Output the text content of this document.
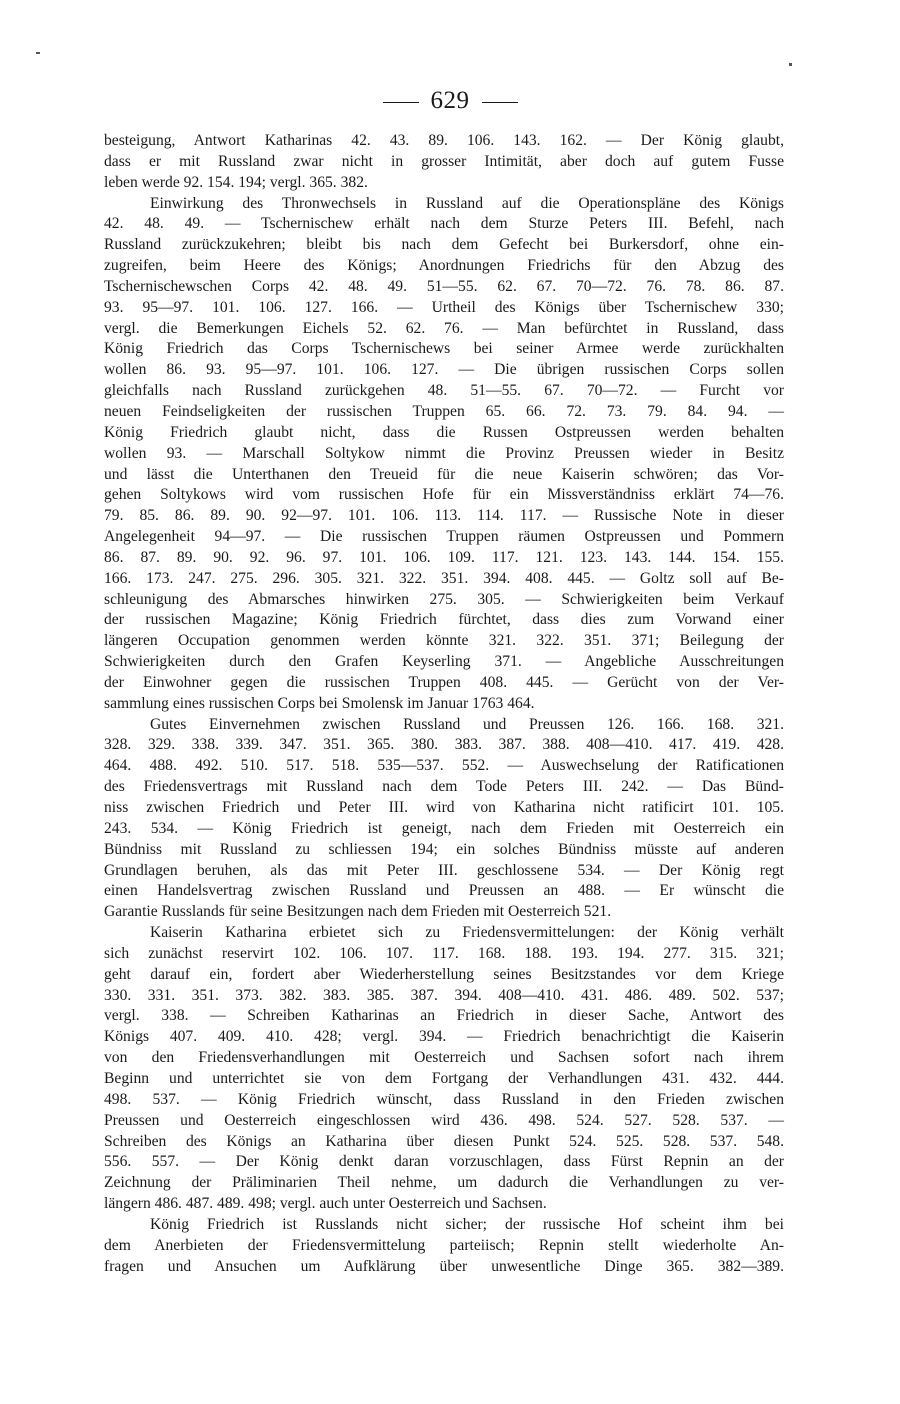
629
besteigung, Antwort Katharinas 42. 43. 89. 106. 143. 162. — Der König glaubt,
dass er mit Russland zwar nicht in grosser Intimität, aber doch auf gutem Fusse
leben werde 92. 154. 194; vergl. 365. 382.
Einwirkung des Thronwechsels in Russland auf die Operationspläne des Königs
42. 48. 49. — Tschernischew erhält nach dem Sturze Peters III. Befehl, nach
Russland zurückzukehren; bleibt bis nach dem Gefecht bei Burkersdorf, ohne ein-
zugreifen, beim Heere des Königs; Anordnungen Friedrichs für den Abzug des
Tschernischewschen Corps 42. 48. 49. 51—55. 62. 67. 70—72. 76. 78. 86. 87.
93. 95—97. 101. 106. 127. 166. — Urtheil des Königs über Tschernischew 330;
vergl. die Bemerkungen Eichels 52. 62. 76. — Man befürchtet in Russland, dass
König Friedrich das Corps Tschernischews bei seiner Armee werde zurückhalten
wollen 86. 93. 95—97. 101. 106. 127. — Die übrigen russischen Corps sollen
gleichfalls nach Russland zurückgehen 48. 51—55. 67. 70—72. — Furcht vor
neuen Feindseligkeiten der russischen Truppen 65. 66. 72. 73. 79. 84. 94. —
König Friedrich glaubt nicht, dass die Russen Ostpreussen werden behalten
wollen 93. — Marschall Soltykow nimmt die Provinz Preussen wieder in Besitz
und lässt die Unterthanen den Treueid für die neue Kaiserin schwören; das Vor-
gehen Soltykows wird vom russischen Hofe für ein Missverständniss erklärt 74—76.
79. 85. 86. 89. 90. 92—97. 101. 106. 113. 114. 117. — Russische Note in dieser
Angelegenheit 94—97. — Die russischen Truppen räumen Ostpreussen und Pommern
86. 87. 89. 90. 92. 96. 97. 101. 106. 109. 117. 121. 123. 143. 144. 154. 155.
166. 173. 247. 275. 296. 305. 321. 322. 351. 394. 408. 445. — Goltz soll auf Be-
schleunigung des Abmarsches hinwirken 275. 305. — Schwierigkeiten beim Verkauf
der russischen Magazine; König Friedrich fürchtet, dass dies zum Vorwand einer
längeren Occupation genommen werden könnte 321. 322. 351. 371; Beilegung der
Schwierigkeiten durch den Grafen Keyserling 371. — Angebliche Ausschreitungen
der Einwohner gegen die russischen Truppen 408. 445. — Gerücht von der Ver-
sammlung eines russischen Corps bei Smolensk im Januar 1763 464.
Gutes Einvernehmen zwischen Russland und Preussen 126. 166. 168. 321.
328. 329. 338. 339. 347. 351. 365. 380. 383. 387. 388. 408—410. 417. 419. 428.
464. 488. 492. 510. 517. 518. 535—537. 552. — Auswechselung der Ratificationen
des Friedensvertrags mit Russland nach dem Tode Peters III. 242. — Das Bünd-
niss zwischen Friedrich und Peter III. wird von Katharina nicht ratificirt 101. 105.
243. 534. — König Friedrich ist geneigt, nach dem Frieden mit Oesterreich ein
Bündniss mit Russland zu schliessen 194; ein solches Bündniss müsste auf anderen
Grundlagen beruhen, als das mit Peter III. geschlossene 534. — Der König regt
einen Handelsvertrag zwischen Russland und Preussen an 488. — Er wünscht die
Garantie Russlands für seine Besitzungen nach dem Frieden mit Oesterreich 521.
Kaiserin Katharina erbietet sich zu Friedensvermittelungen: der König verhält
sich zunächst reservirt 102. 106. 107. 117. 168. 188. 193. 194. 277. 315. 321;
geht darauf ein, fordert aber Wiederherstellung seines Besitzstandes vor dem Kriege
330. 331. 351. 373. 382. 383. 385. 387. 394. 408—410. 431. 486. 489. 502. 537;
vergl. 338. — Schreiben Katharinas an Friedrich in dieser Sache, Antwort des
Königs 407. 409. 410. 428; vergl. 394. — Friedrich benachrichtigt die Kaiserin
von den Friedensverhandlungen mit Oesterreich und Sachsen sofort nach ihrem
Beginn und unterrichtet sie von dem Fortgang der Verhandlungen 431. 432. 444.
498. 537. — König Friedrich wünscht, dass Russland in den Frieden zwischen
Preussen und Oesterreich eingeschlossen wird 436. 498. 524. 527. 528. 537. —
Schreiben des Königs an Katharina über diesen Punkt 524. 525. 528. 537. 548.
556. 557. — Der König denkt daran vorzuschlagen, dass Fürst Repnin an der
Zeichnung der Präliminarien Theil nehme, um dadurch die Verhandlungen zu ver-
längern 486. 487. 489. 498; vergl. auch unter Oesterreich und Sachsen.
König Friedrich ist Russlands nicht sicher; der russische Hof scheint ihm bei
dem Anerbieten der Friedensvermittelung parteiisch; Repnin stellt wiederholte An-
fragen und Ansuchen um Aufklärung über unwesentliche Dinge 365. 382—389.
